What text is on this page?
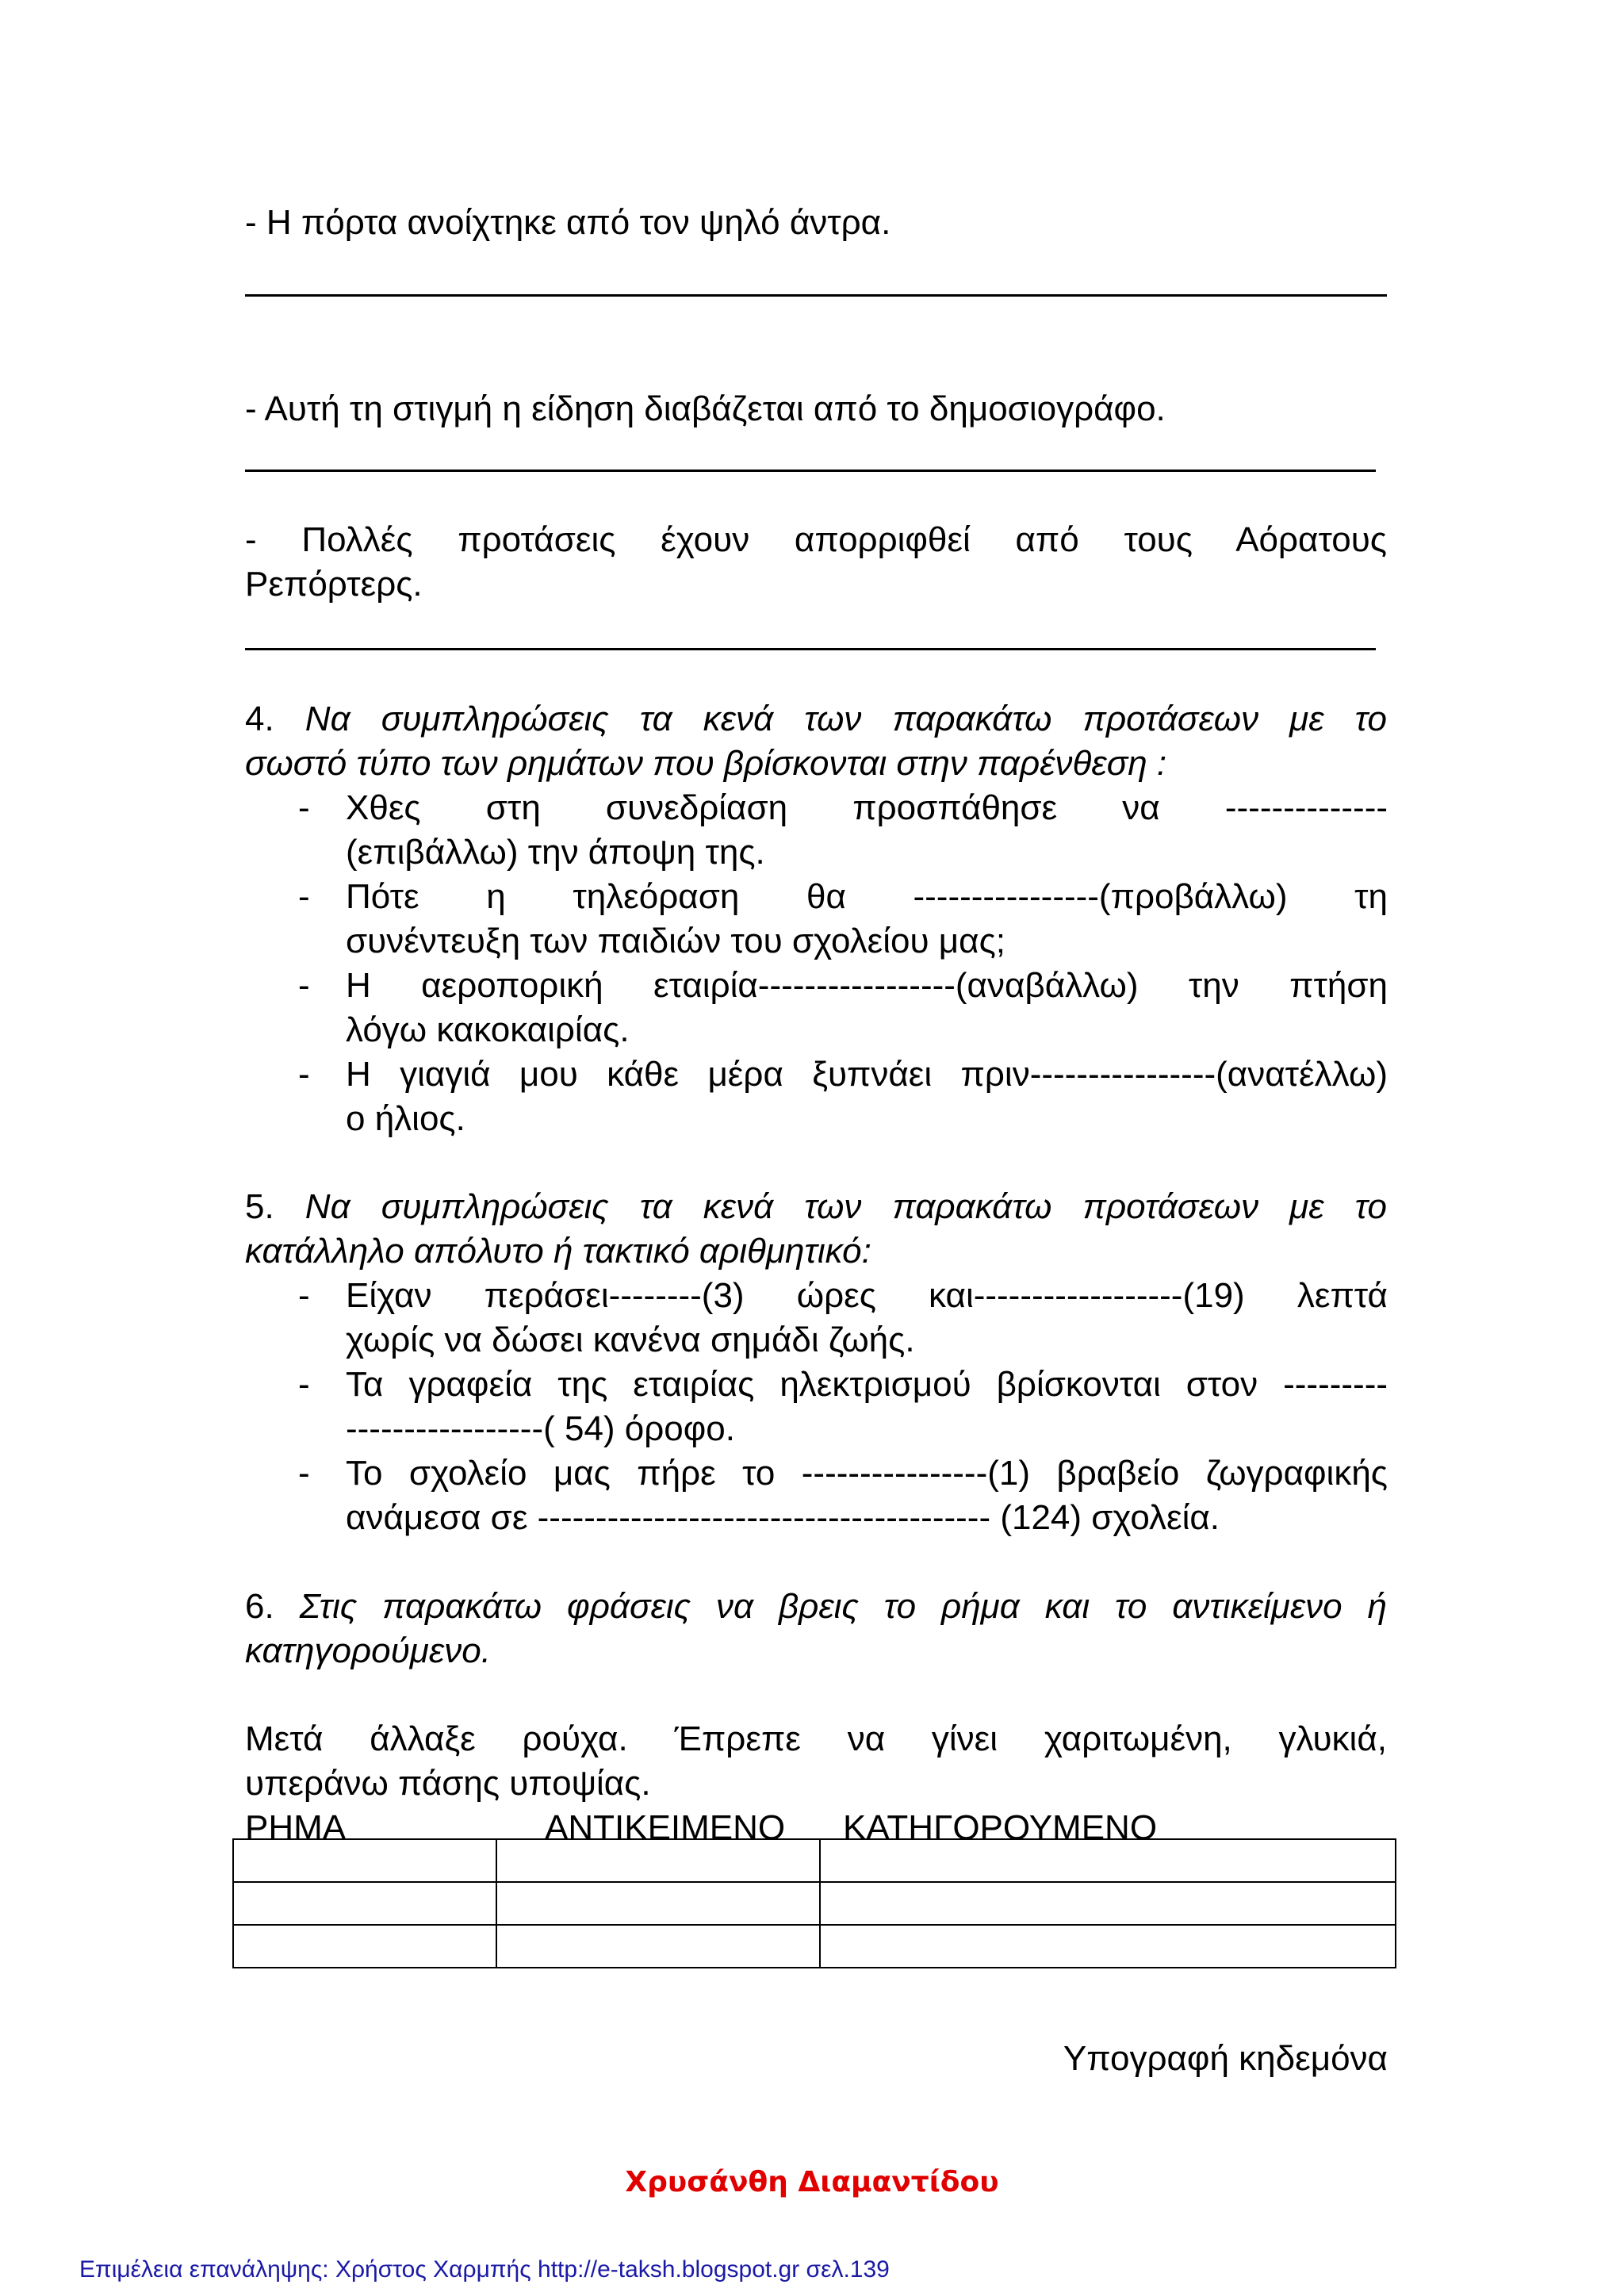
- Η πόρτα ανοίχτηκε από τον ψηλό άντρα.
- Αυτή τη στιγμή η είδηση διαβάζεται από το δημοσιογράφο.
- Πολλές προτάσεις έχουν απορριφθεί από τους Αόρατους
Ρεπόρτερς.
4. Να συμπληρώσεις τα κενά των παρακάτω προτάσεων με το
σωστό τύπο των ρημάτων που βρίσκονται στην παρένθεση :
- Χθες στη συνεδρίαση προσπάθησε να --------------
(επιβάλλω) την άποψη της.
- Πότε η τηλεόραση θα ----------------(προβάλλω) τη
συνέντευξη των παιδιών του σχολείου μας;
- Η αεροπορική εταιρία-----------------(αναβάλλω) την πτήση
λόγω κακοκαιρίας.
- Η γιαγιά μου κάθε μέρα ξυπνάει πριν----------------(ανατέλλω)
ο ήλιος.
5. Να συμπληρώσεις τα κενά των παρακάτω προτάσεων με το
κατάλληλο απόλυτο ή τακτικό αριθμητικό:
- Είχαν περάσει--------(3) ώρες και------------------(19) λεπτά
χωρίς να δώσει κανένα σημάδι ζωής.
- Τα γραφεία της εταιρίας ηλεκτρισμού βρίσκονται στον ---------
-----------------( 54) όροφο.
- Το σχολείο μας πήρε το ----------------(1) βραβείο ζωγραφικής
ανάμεσα σε --------------------------------------- (124) σχολεία.
6. Στις παρακάτω φράσεις να βρεις το ρήμα και το αντικείμενο ή
κατηγορούμενο.
Μετά άλλαξε ρούχα. Έπρεπε να γίνει χαριτωμένη, γλυκιά,
υπεράνω πάσης υποψίας.
ΡΗΜΑ	ΑΝΤΙΚΕΙΜΕΝΟ ΚΑΤΗΓΟΡΟΥΜΕΝΟ

Υπογραφή κηδεμόνα
Χρυσάνθη Διαμαντίδου
Επιμέλεια επανάληψης: Χρήστος Χαρμπής http://e-taksh.blogspot.gr σελ.139
